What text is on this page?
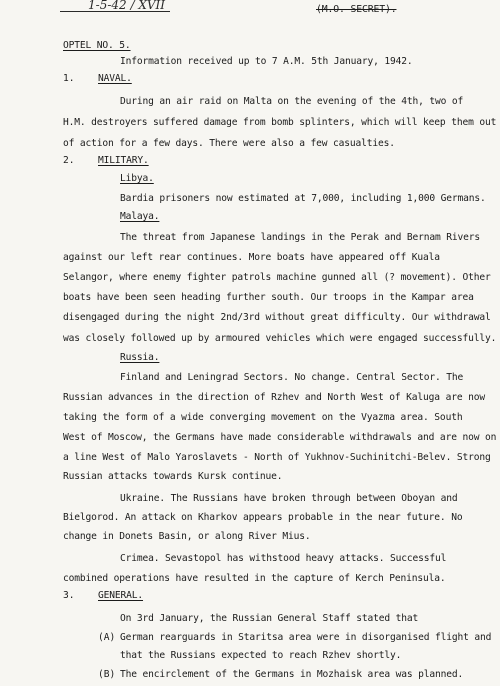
1-5-42 / XVII	(M.O. SECRET).
OPTEL NO. 5.
Information received up to 7 A.M. 5th January, 1942.
1. NAVAL.
During an air raid on Malta on the evening of the 4th, two of
H.M. destroyers suffered damage from bomb splinters, which will keep them out
of action for a few days. There were also a few casualties.
2. MILITARY.
Libya.
Bardia prisoners now estimated at 7,000, including 1,000 Germans.
Malaya.
The threat from Japanese landings in the Perak and Bernam Rivers
against our left rear continues. More boats have appeared off Kuala
Selangor, where enemy fighter patrols machine gunned all (? movement). Other
boats have been seen heading further south. Our troops in the Kampar area
disengaged during the night 2nd/3rd without great difficulty. Our withdrawal
was closely followed up by armoured vehicles which were engaged successfully.
Russia.
Finland and Leningrad Sectors. No change. Central Sector. The
Russian advances in the direction of Rzhev and North West of Kaluga are now
taking the form of a wide converging movement on the Vyazma area. South
West of Moscow, the Germans have made considerable withdrawals and are now on
a line West of Malo Yaroslavets - North of Yukhnov-Suchinitchi-Belev. Strong
Russian attacks towards Kursk continue.
Ukraine. The Russians have broken through between Oboyan and
Bielgorod. An attack on Kharkov appears probable in the near future. No
change in Donets Basin, or along River Mius.
Crimea. Sevastopol has withstood heavy attacks. Successful
combined operations have resulted in the capture of Kerch Peninsula.
3. GENERAL.
On 3rd January, the Russian General Staff stated that
(A) German rearguards in Staritsa area were in disorganised flight and
that the Russians expected to reach Rzhev shortly.
(B) The encirclement of the Germans in Mozhaisk area was planned.
